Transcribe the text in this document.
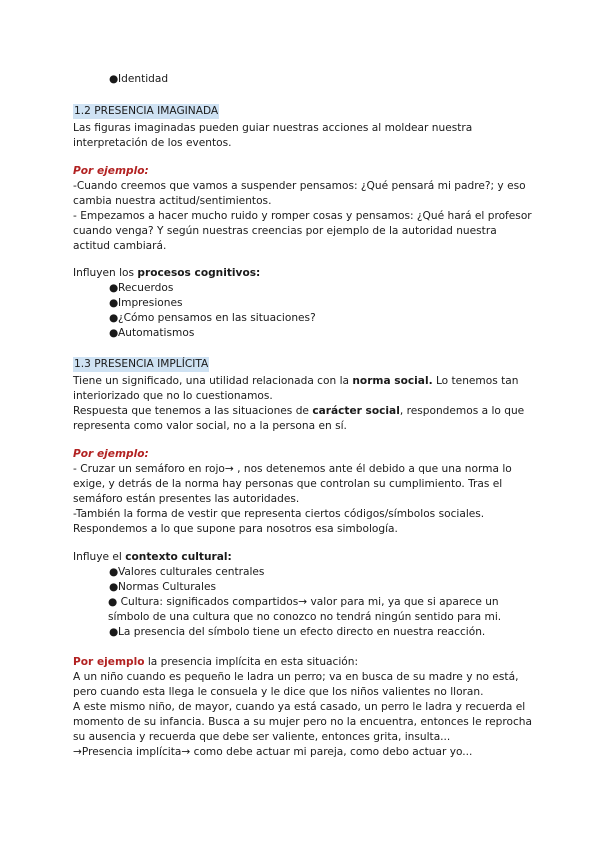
● Identidad
1.2 PRESENCIA IMAGINADA

Las figuras imaginadas pueden guiar nuestras acciones al moldear nuestra interpretación de los eventos.

Por ejemplo:

-Cuando creemos que vamos a suspender pensamos: ¿Qué pensará mi padre?; y eso cambia nuestra actitud/sentimientos.

- Empezamos a hacer mucho ruido y romper cosas y pensamos: ¿Qué hará el profesor cuando venga? Y según nuestras creencias por ejemplo de la autoridad nuestra actitud cambiará.

Influyen los procesos cognitivos:
● Recuerdos
● Impresiones
● ¿Cómo pensamos en las situaciones?
● Automatismos
1.3 PRESENCIA IMPLÍCITA

Tiene un significado, una utilidad relacionada con la norma social. Lo tenemos tan interiorizado que no lo cuestionamos.

Respuesta que tenemos a las situaciones de carácter social, respondemos a lo que representa como valor social, no a la persona en sí.

Por ejemplo:

- Cruzar un semáforo en rojo→ , nos detenemos ante él debido a que una norma lo exige, y detrás de la norma hay personas que controlan su cumplimiento. Tras el semáforo están presentes las autoridades.

-También la forma de vestir que representa ciertos códigos/símbolos sociales. Respondemos a lo que supone para nosotros esa simbología.

Influye el contexto cultural:
● Valores culturales centrales
● Normas Culturales
● Cultura: significados compartidos→ valor para mi, ya que si aparece un símbolo de una cultura que no conozco no tendrá ningún sentido para mi.
● La presencia del símbolo tiene un efecto directo en nuestra reacción.
Por ejemplo la presencia implícita en esta situación:

A un niño cuando es pequeño le ladra un perro; va en busca de su madre y no está, pero cuando esta llega le consuela y le dice que los niños valientes no lloran.

A este mismo niño, de mayor, cuando ya está casado, un perro le ladra y recuerda el momento de su infancia. Busca a su mujer pero no la encuentra, entonces le reprocha su ausencia y recuerda que debe ser valiente, entonces grita, insulta...

→Presencia implícita→ como debe actuar mi pareja, como debo actuar yo...
